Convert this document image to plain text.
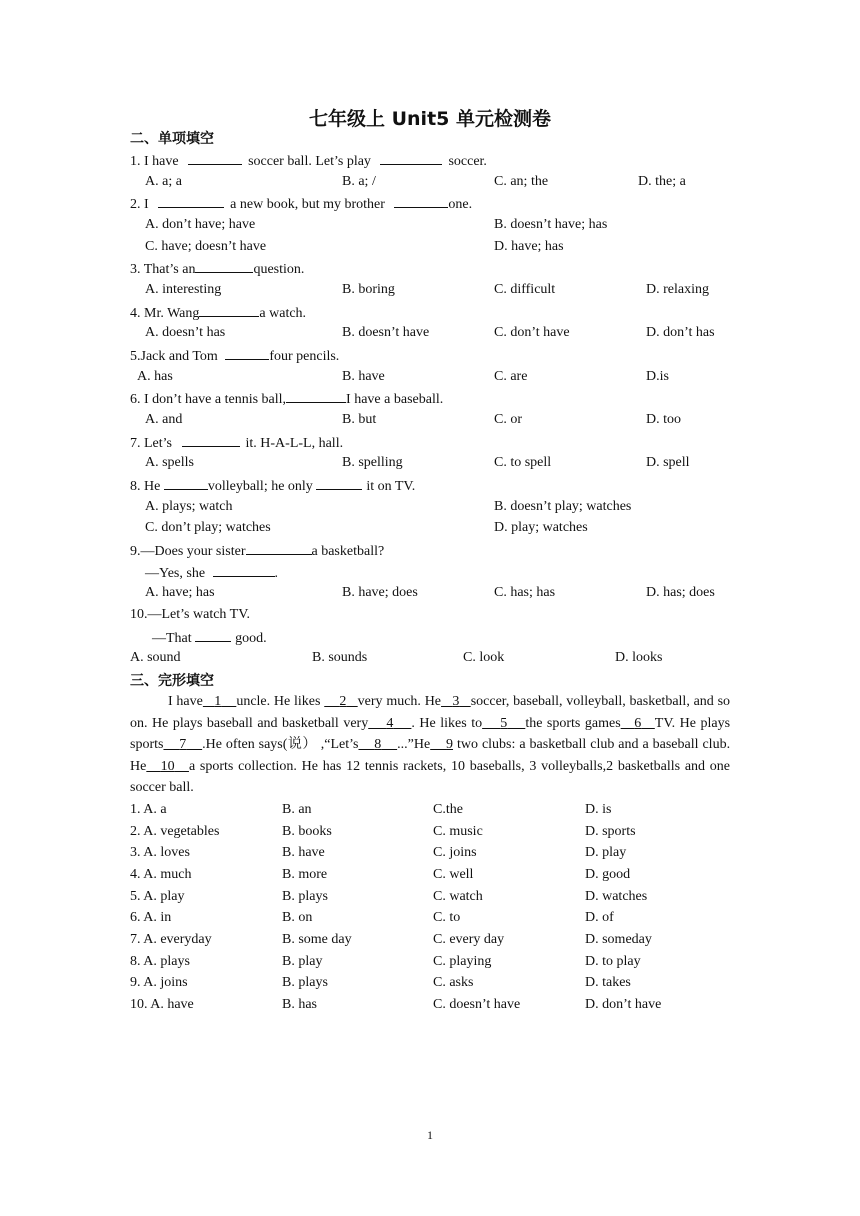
七年级上 Unit5 单元检测卷
二、单项填空
1. I have	soccer ball. Let’s play	soccer.
A. a; a	B. a; /	C. an; the	D. the; a
2. I	a new book, but my brother	one.
A. don’t have; have	B. doesn’t have; has
C. have; doesn’t have	D. have; has
3. That’s an	question.
A. interesting	B. boring	C. difficult	D. relaxing
4. Mr. Wang	a watch.
A. doesn’t has	B. doesn’t have	C. don’t have	D. don’t has
5.Jack and Tom	four pencils.
A. has	B. have	C. are	D.is
6. I don’t have a tennis ball,	I have a baseball.
A. and	B. but	C. or	D. too
7. Let’s	it. H-A-L-L, hall.
A. spells	B. spelling	C. to spell	D. spell
8. He	volleyball; he only	it on TV.
A. plays; watch	B. doesn’t play; watches
C. don’t play; watches	D. play; watches
9.—Does your sister	a basketball?
—Yes, she	.
A. have; has	B. have; does	C. has; has	D. has; does
10.—Let’s watch TV.
—That	good.
A. sound	B. sounds	C. look	D. looks
三、完形填空
I have 1 uncle. He likes 2 very much. He 3 soccer, baseball, volleyball, basketball, and so on. He plays baseball and basketball very 4 . He likes to 5 the sports games 6 TV. He plays sports 7 .He often says(说） ,“Let’s 8 ...”He 9 two clubs: a basketball club and a baseball club. He 10 a sports collection. He has 12 tennis rackets, 10 baseballs, 3 volleyballs,2 basketballs and one soccer ball.
1. A. a	B. an	C.the	D. is
2. A. vegetables	B. books	C. music	D. sports
3. A. loves	B. have	C. joins	D. play
4. A. much	B. more	C. well	D. good
5. A. play	B. plays	C. watch	D. watches
6. A. in	B. on	C. to	D. of
7. A. everyday	B. some day	C. every day	D. someday
8. A. plays	B. play	C. playing	D. to play
9. A. joins	B. plays	C. asks	D. takes
10. A. have	B. has	C. doesn’t have	D. don’t have
1
